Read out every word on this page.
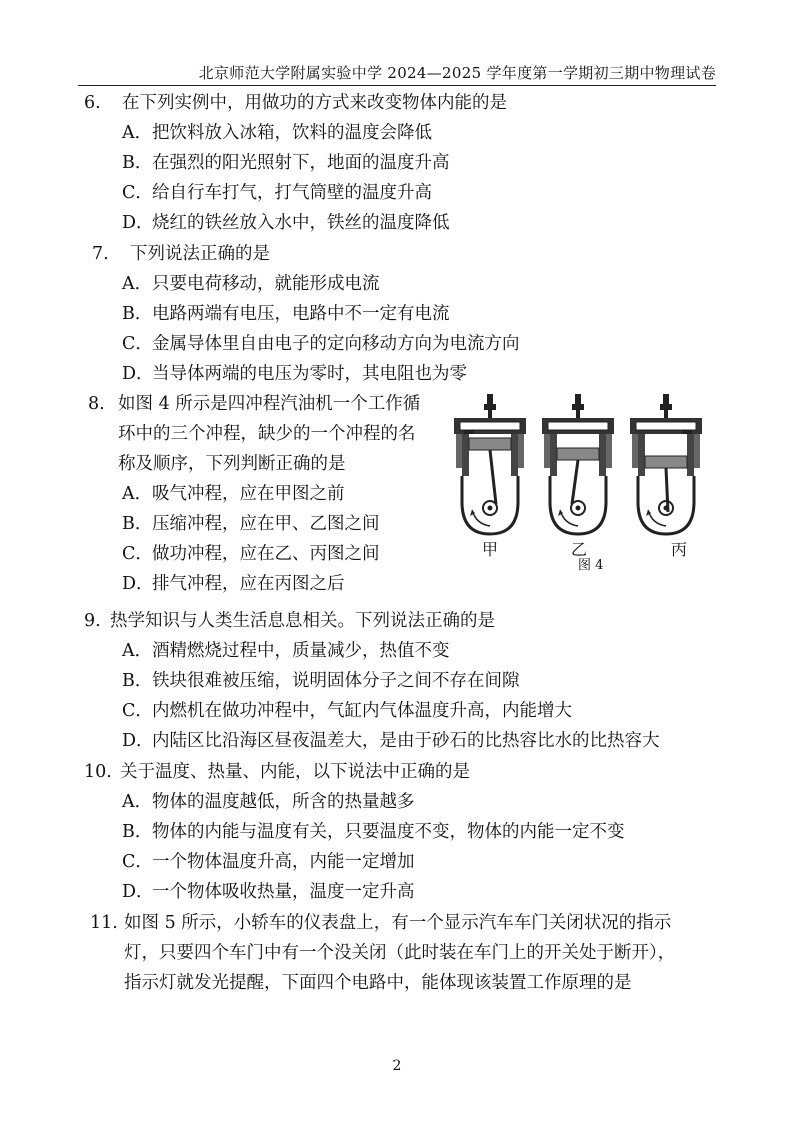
北京师范大学附属实验中学 2024—2025 学年度第一学期初三期中物理试卷
6. 在下列实例中，用做功的方式来改变物体内能的是
A．把饮料放入冰箱，饮料的温度会降低
B．在强烈的阳光照射下，地面的温度升高
C．给自行车打气，打气筒壁的温度升高
D．烧红的铁丝放入水中，铁丝的温度降低
7. 下列说法正确的是
A．只要电荷移动，就能形成电流
B．电路两端有电压，电路中不一定有电流
C．金属导体里自由电子的定向移动方向为电流方向
D．当导体两端的电压为零时，其电阻也为零
8. 如图 4 所示是四冲程汽油机一个工作循
环中的三个冲程，缺少的一个冲程的名
称及顺序，下列判断正确的是
A．吸气冲程，应在甲图之前
B．压缩冲程，应在甲、乙图之间
C．做功冲程，应在乙、丙图之间
D．排气冲程，应在丙图之后
甲	乙	丙
图 4
9. 热学知识与人类生活息息相关。下列说法正确的是
A．酒精燃烧过程中，质量减少，热值不变
B．铁块很难被压缩，说明固体分子之间不存在间隙
C．内燃机在做功冲程中，气缸内气体温度升高，内能增大
D．内陆区比沿海区昼夜温差大，是由于砂石的比热容比水的比热容大
10. 关于温度、热量、内能，以下说法中正确的是
A．物体的温度越低，所含的热量越多
B．物体的内能与温度有关，只要温度不变，物体的内能一定不变
C．一个物体温度升高，内能一定增加
D．一个物体吸收热量，温度一定升高
11. 如图 5 所示，小轿车的仪表盘上，有一个显示汽车车门关闭状况的指示
灯，只要四个车门中有一个没关闭（此时装在车门上的开关处于断开），
指示灯就发光提醒，下面四个电路中，能体现该装置工作原理的是
2
